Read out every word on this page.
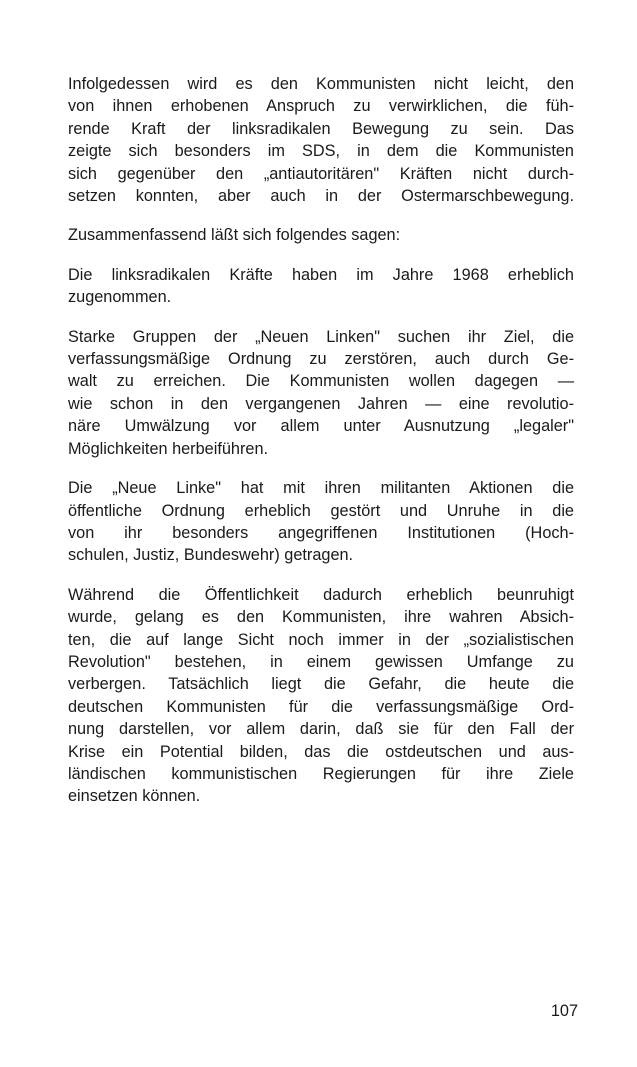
Infolgedessen wird es den Kommunisten nicht leicht, den
von ihnen erhobenen Anspruch zu verwirklichen, die füh-
rende Kraft der linksradikalen Bewegung zu sein. Das
zeigte sich besonders im SDS, in dem die Kommunisten
sich gegenüber den „antiautoritären" Kräften nicht durch-
setzen konnten, aber auch in der Ostermarschbewegung.

Zusammenfassend läßt sich folgendes sagen:

Die linksradikalen Kräfte haben im Jahre 1968 erheblich
zugenommen.

Starke Gruppen der „Neuen Linken" suchen ihr Ziel, die
verfassungsmäßige Ordnung zu zerstören, auch durch Ge-
walt zu erreichen. Die Kommunisten wollen dagegen —
wie schon in den vergangenen Jahren — eine revolutio-
näre Umwälzung vor allem unter Ausnutzung „legaler"
Möglichkeiten herbeiführen.

Die „Neue Linke" hat mit ihren militanten Aktionen die
öffentliche Ordnung erheblich gestört und Unruhe in die
von ihr besonders angegriffenen Institutionen (Hoch-
schulen, Justiz, Bundeswehr) getragen.

Während die Öffentlichkeit dadurch erheblich beunruhigt
wurde, gelang es den Kommunisten, ihre wahren Absich-
ten, die auf lange Sicht noch immer in der „sozialistischen
Revolution" bestehen, in einem gewissen Umfange zu
verbergen. Tatsächlich liegt die Gefahr, die heute die
deutschen Kommunisten für die verfassungsmäßige Ord-
nung darstellen, vor allem darin, daß sie für den Fall der
Krise ein Potential bilden, das die ostdeutschen und aus-
ländischen kommunistischen Regierungen für ihre Ziele
einsetzen können.

107
